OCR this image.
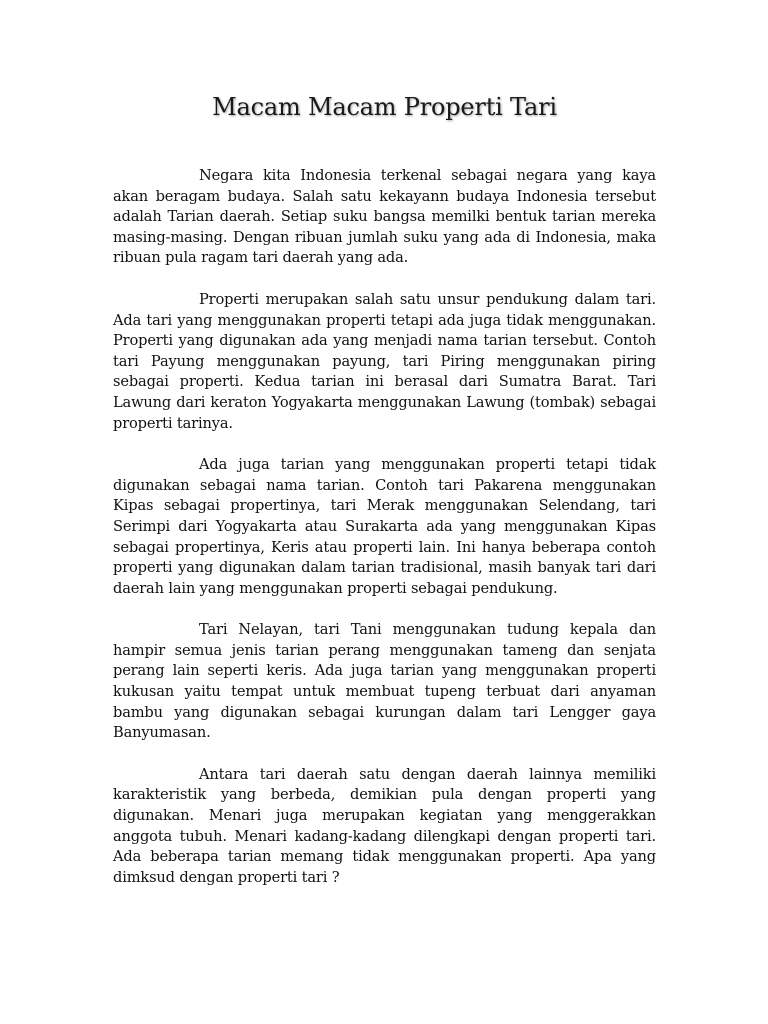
Macam Macam Properti Tari

Negara kita Indonesia terkenal sebagai negara yang kaya akan beragam budaya. Salah satu kekayann budaya Indonesia tersebut adalah Tarian daerah. Setiap suku bangsa memilki bentuk tarian mereka masing-masing. Dengan ribuan jumlah suku yang ada di Indonesia, maka ribuan pula ragam tari daerah yang ada.

Properti merupakan salah satu unsur pendukung dalam tari. Ada tari yang menggunakan properti tetapi ada juga tidak menggunakan. Properti yang digunakan ada yang menjadi nama tarian tersebut. Contoh tari Payung menggunakan payung, tari Piring menggunakan piring sebagai properti. Kedua tarian ini berasal dari Sumatra Barat. Tari Lawung dari keraton Yogyakarta menggunakan Lawung (tombak) sebagai properti tarinya.

Ada juga tarian yang menggunakan properti tetapi tidak digunakan sebagai nama tarian. Contoh tari Pakarena menggunakan Kipas sebagai propertinya, tari Merak menggunakan Selendang, tari Serimpi dari Yogyakarta atau Surakarta ada yang menggunakan Kipas sebagai propertinya, Keris atau properti lain. Ini hanya beberapa contoh properti yang digunakan dalam tarian tradisional, masih banyak tari dari daerah lain yang menggunakan properti sebagai pendukung.

Tari Nelayan, tari Tani menggunakan tudung kepala dan hampir semua jenis tarian perang menggunakan tameng dan senjata perang lain seperti keris. Ada juga tarian yang menggunakan properti kukusan yaitu tempat untuk membuat tupeng terbuat dari anyaman bambu yang digunakan sebagai kurungan dalam tari Lengger gaya Banyumasan.

Antara tari daerah satu dengan daerah lainnya memiliki karakteristik yang berbeda, demikian pula dengan properti yang digunakan. Menari juga merupakan kegiatan yang menggerakkan anggota tubuh. Menari kadang-kadang dilengkapi dengan properti tari. Ada beberapa tarian memang tidak menggunakan properti. Apa yang dimksud dengan properti tari ?
